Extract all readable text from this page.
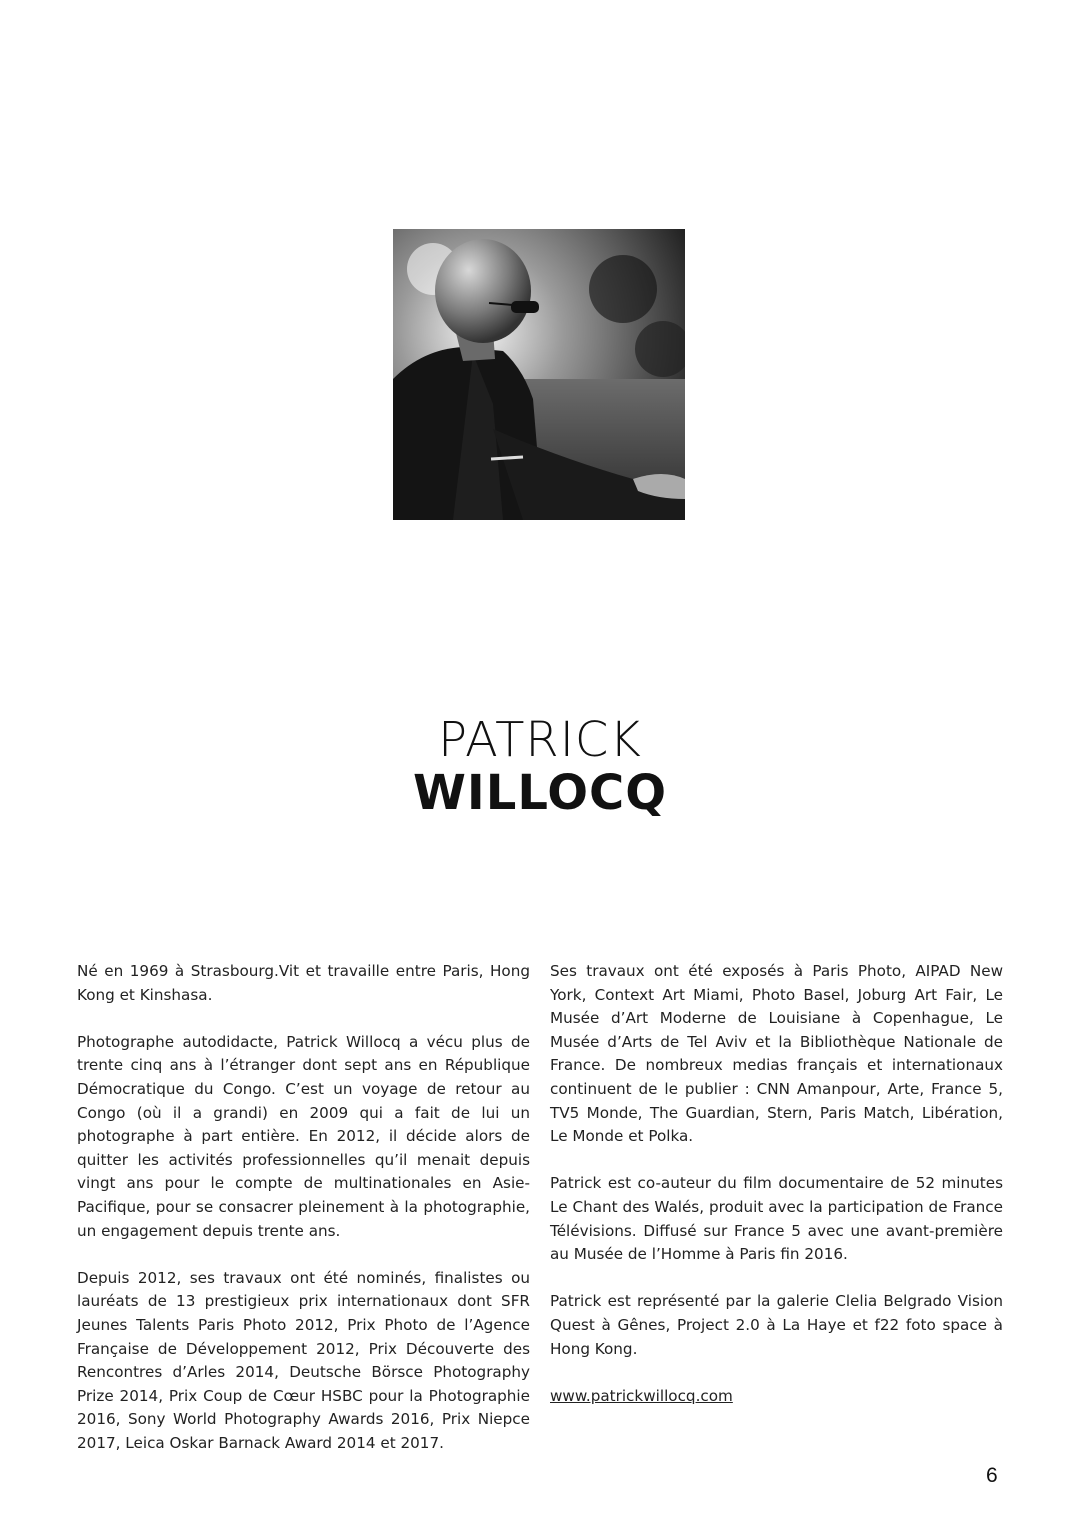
PATRICK
WILLOCQ

Né en 1969 à Strasbourg.Vit et travaille entre Paris, Hong Kong et Kinshasa.

Photographe autodidacte, Patrick Willocq a vécu plus de trente cinq ans à l’étranger dont sept ans en République Démocratique du Congo. C’est un voyage de retour au Congo (où il a grandi) en 2009 qui a fait de lui un photographe à part entière. En 2012, il décide alors de quitter les activités professionnelles qu’il menait depuis vingt ans pour le compte de multinationales en Asie-Pacifique, pour se consacrer pleinement à la photographie, un engagement depuis trente ans.

Depuis 2012, ses travaux ont été nominés, finalistes ou lauréats de 13 prestigieux prix internationaux dont SFR Jeunes Talents Paris Photo 2012, Prix Photo de l’Agence Française de Développement 2012, Prix Découverte des Rencontres d’Arles 2014, Deutsche Börsce Photography Prize 2014, Prix Coup de Cœur HSBC pour la Photographie 2016, Sony World Photography Awards 2016, Prix Niepce 2017, Leica Oskar Barnack Award 2014 et 2017.

Ses travaux ont été exposés à Paris Photo, AIPAD New York, Context Art Miami, Photo Basel, Joburg Art Fair, Le Musée d’Art Moderne de Louisiane à Copenhague, Le Musée d’Arts de Tel Aviv et la Bibliothèque Nationale de France. De nombreux medias français et internationaux continuent de le publier : CNN Amanpour, Arte, France 5, TV5 Monde, The Guardian, Stern, Paris Match, Libération, Le Monde et Polka.

Patrick est co-auteur du film documentaire de 52 minutes Le Chant des Walés, produit avec la participation de France Télévisions. Diffusé sur France 5 avec une avant-première au Musée de l’Homme à Paris fin 2016.

Patrick est représenté par la galerie Clelia Belgrado Vision Quest à Gênes, Project 2.0 à La Haye et f22 foto space à Hong Kong.

www.patrickwillocq.com

6
